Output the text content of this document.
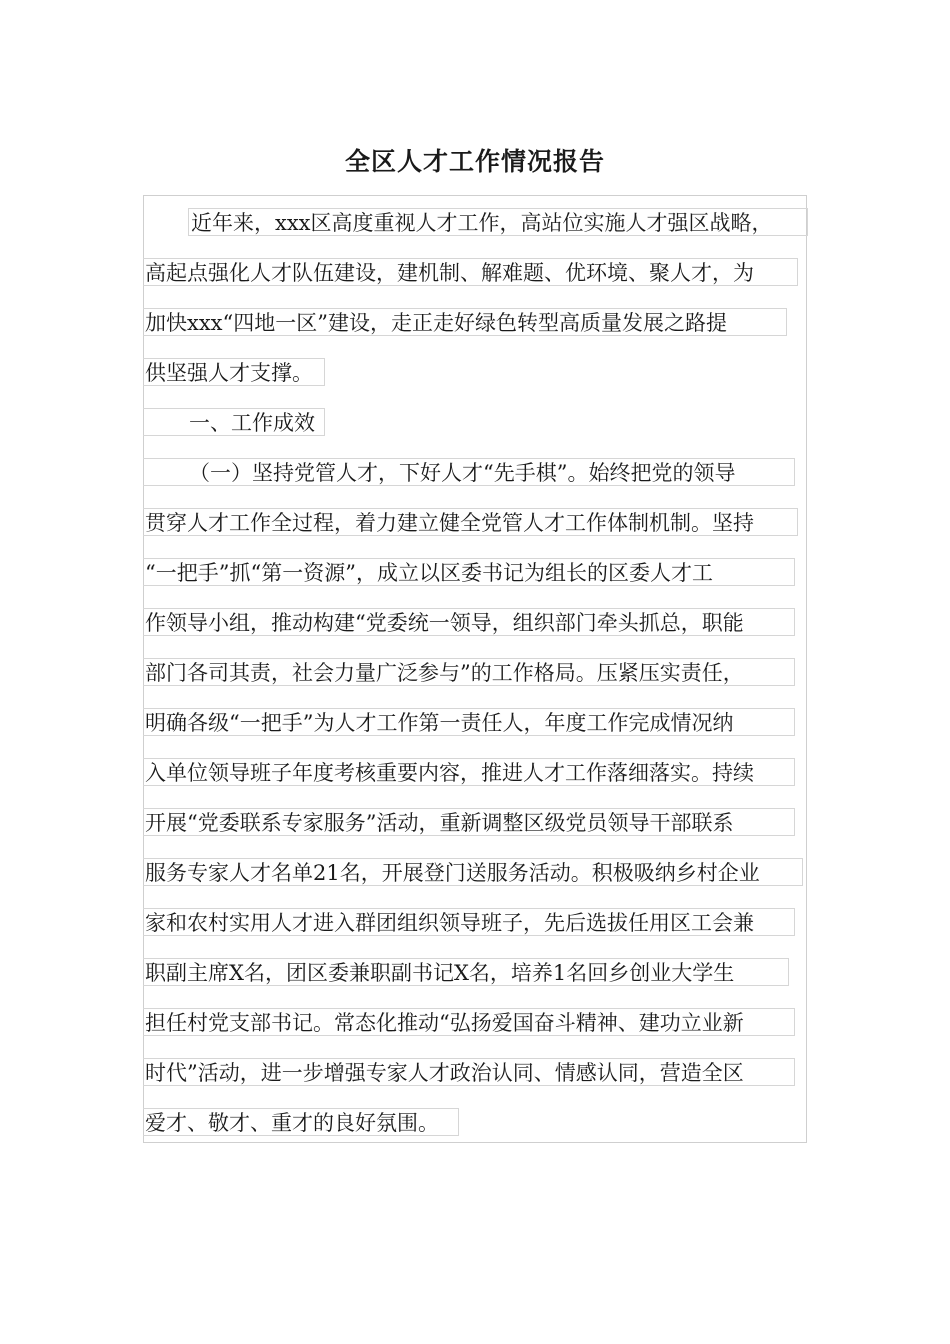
全区人才工作情况报告
近年来，xxx区高度重视人才工作，高站位实施人才强区战略，
高起点强化人才队伍建设，建机制、解难题、优环境、聚人才，为
加快xxx“四地一区”建设，走正走好绿色转型高质量发展之路提
供坚强人才支撑。
一、工作成效
（一）坚持党管人才，下好人才“先手棋”。始终把党的领导
贯穿人才工作全过程，着力建立健全党管人才工作体制机制。坚持
“一把手”抓“第一资源”，成立以区委书记为组长的区委人才工
作领导小组，推动构建“党委统一领导，组织部门牵头抓总，职能
部门各司其责，社会力量广泛参与”的工作格局。压紧压实责任，
明确各级“一把手”为人才工作第一责任人，年度工作完成情况纳
入单位领导班子年度考核重要内容，推进人才工作落细落实。持续
开展“党委联系专家服务”活动，重新调整区级党员领导干部联系
服务专家人才名单21名，开展登门送服务活动。积极吸纳乡村企业
家和农村实用人才进入群团组织领导班子，先后选拔任用区工会兼
职副主席X名，团区委兼职副书记X名，培养1名回乡创业大学生
担任村党支部书记。常态化推动“弘扬爱国奋斗精神、建功立业新
时代”活动，进一步增强专家人才政治认同、情感认同，营造全区
爱才、敬才、重才的良好氛围。
